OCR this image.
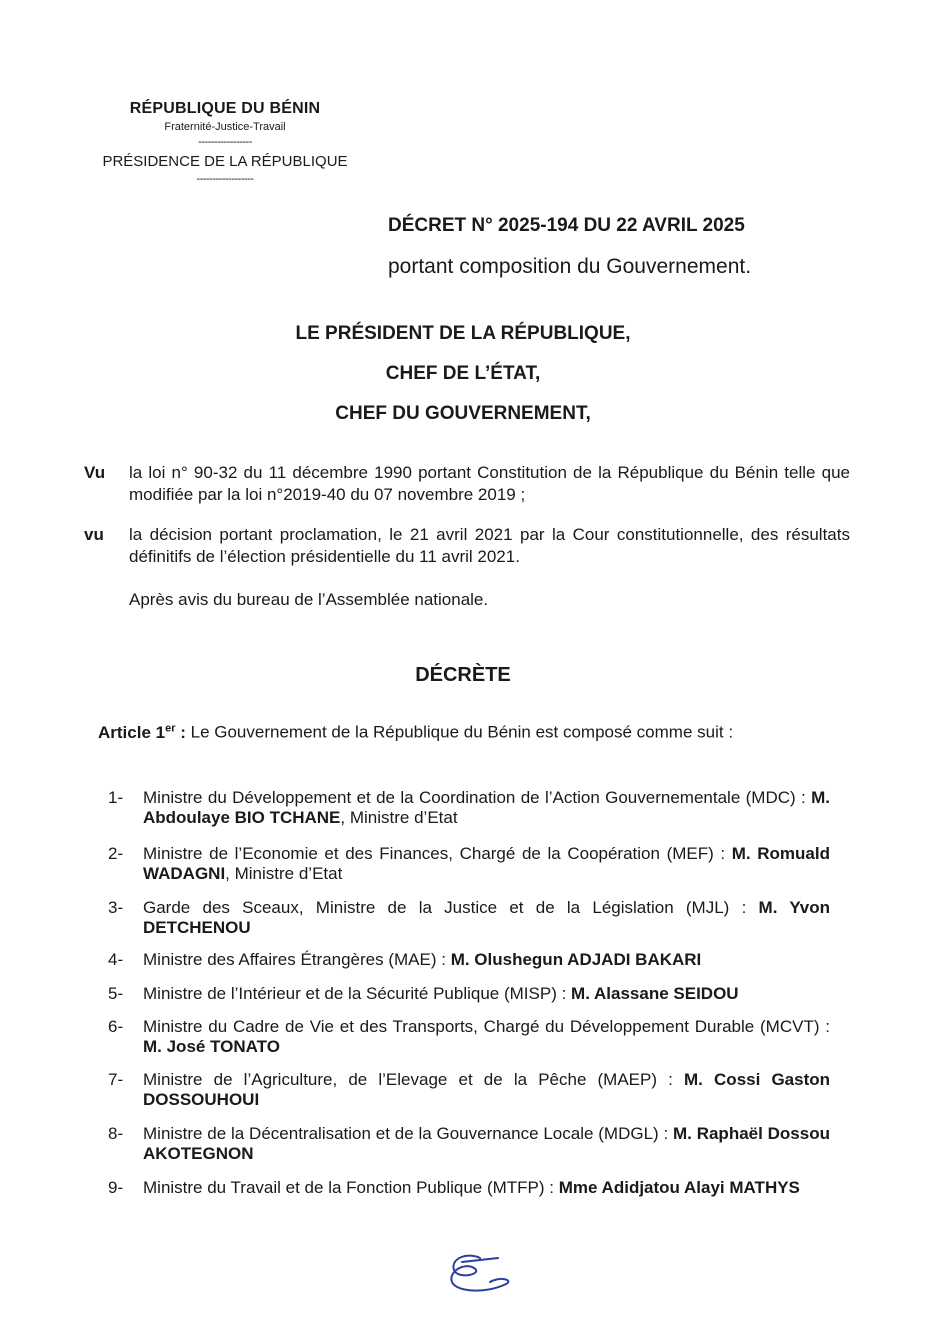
RÉPUBLIQUE DU BÉNIN
Fraternité-Justice-Travail
-----------------
PRÉSIDENCE DE LA RÉPUBLIQUE
------------------
DÉCRET N° 2025-194 DU 22 AVRIL 2025
portant composition du Gouvernement.
LE PRÉSIDENT DE LA RÉPUBLIQUE,
CHEF DE L’ÉTAT,
CHEF DU GOUVERNEMENT,
Vu	la loi n° 90-32 du 11 décembre 1990 portant Constitution de la République du Bénin telle que modifiée par la loi n°2019-40 du 07 novembre 2019 ;
vu	la décision portant proclamation, le 21 avril 2021 par la Cour constitutionnelle, des résultats définitifs de l’élection présidentielle du 11 avril 2021.
Après avis du bureau de l’Assemblée nationale.
DÉCRÈTE
Article 1er : Le Gouvernement de la République du Bénin est composé comme suit :
1- Ministre du Développement et de la Coordination de l’Action Gouvernementale (MDC) : M. Abdoulaye BIO TCHANE, Ministre d’Etat
2- Ministre de l’Economie et des Finances, Chargé de la Coopération (MEF) : M. Romuald WADAGNI, Ministre d’Etat
3- Garde des Sceaux, Ministre de la Justice et de la Législation (MJL) : M. Yvon DETCHENOU
4- Ministre des Affaires Étrangères (MAE) : M. Olushegun ADJADI BAKARI
5- Ministre de l’Intérieur et de la Sécurité Publique (MISP) : M. Alassane SEIDOU
6- Ministre du Cadre de Vie et des Transports, Chargé du Développement Durable (MCVT) : M. José TONATO
7- Ministre de l’Agriculture, de l’Elevage et de la Pêche (MAEP) : M. Cossi Gaston DOSSOUHOUI
8- Ministre de la Décentralisation et de la Gouvernance Locale (MDGL) : M. Raphaël Dossou AKOTEGNON
9- Ministre du Travail et de la Fonction Publique (MTFP) : Mme Adidjatou Alayi MATHYS
